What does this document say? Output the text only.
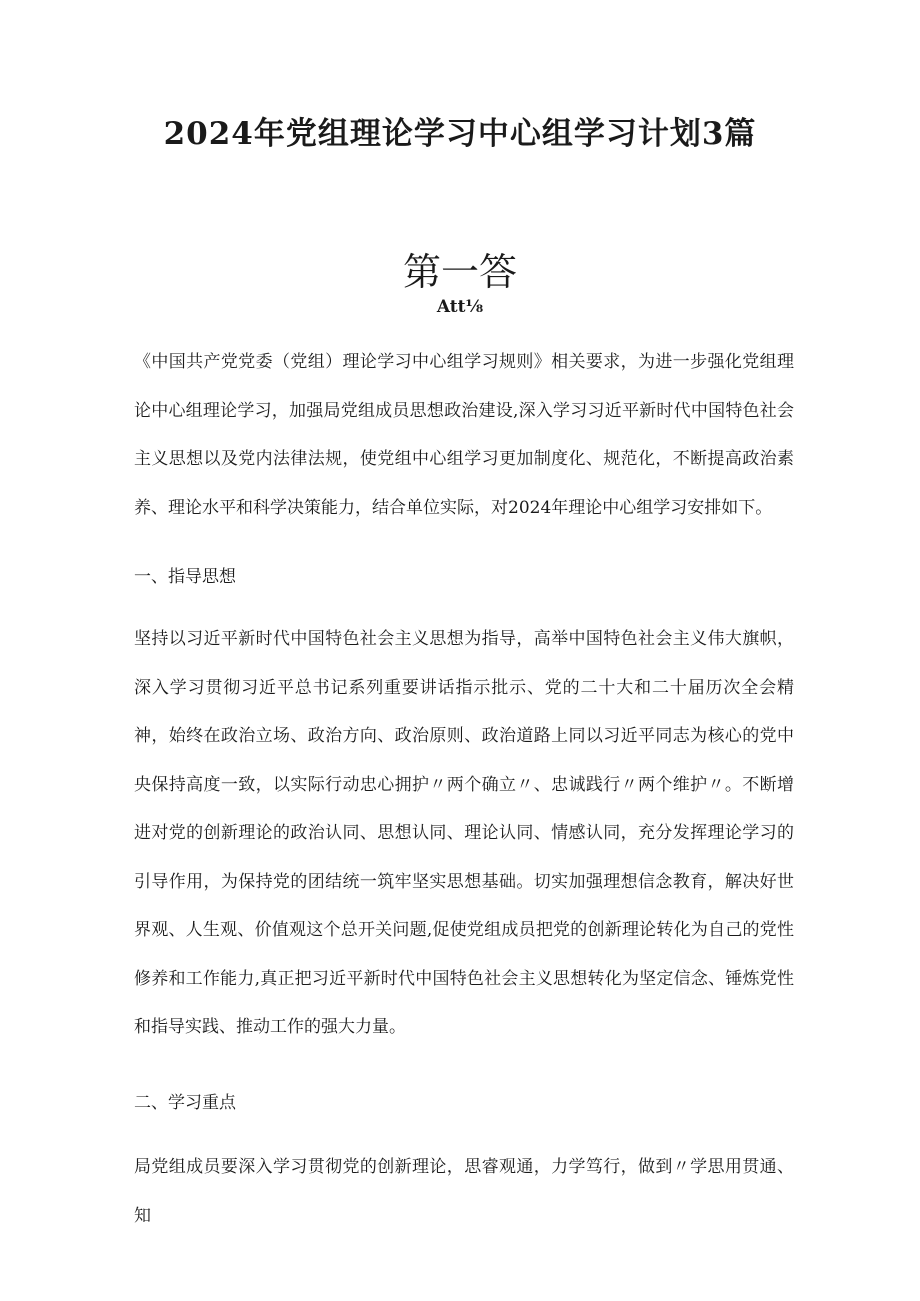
2024年党组理论学习中心组学习计划3篇
第一答
Att⅛

《中国共产党党委（党组）理论学习中心组学习规则》相关要求，为进一步强化党组理论中心组理论学习，加强局党组成员思想政治建设,深入学习习近平新时代中国特色社会主义思想以及党内法律法规，使党组中心组学习更加制度化、规范化，不断提高政治素养、理论水平和科学决策能力，结合单位实际，对2024年理论中心组学习安排如下。

一、指导思想

坚持以习近平新时代中国特色社会主义思想为指导，高举中国特色社会主义伟大旗帜，深入学习贯彻习近平总书记系列重要讲话指示批示、党的二十大和二十届历次全会精神，始终在政治立场、政治方向、政治原则、政治道路上同以习近平同志为核心的党中央保持高度一致，以实际行动忠心拥护〃两个确立〃、忠诚践行〃两个维护〃。不断增进对党的创新理论的政治认同、思想认同、理论认同、情感认同，充分发挥理论学习的引导作用，为保持党的团结统一筑牢坚实思想基础。切实加强理想信念教育，解决好世界观、人生观、价值观这个总开关问题,促使党组成员把党的创新理论转化为自己的党性修养和工作能力,真正把习近平新时代中国特色社会主义思想转化为坚定信念、锤炼党性和指导实践、推动工作的强大力量。

二、学习重点

局党组成员要深入学习贯彻党的创新理论，思睿观通，力学笃行，做到〃学思用贯通、知
